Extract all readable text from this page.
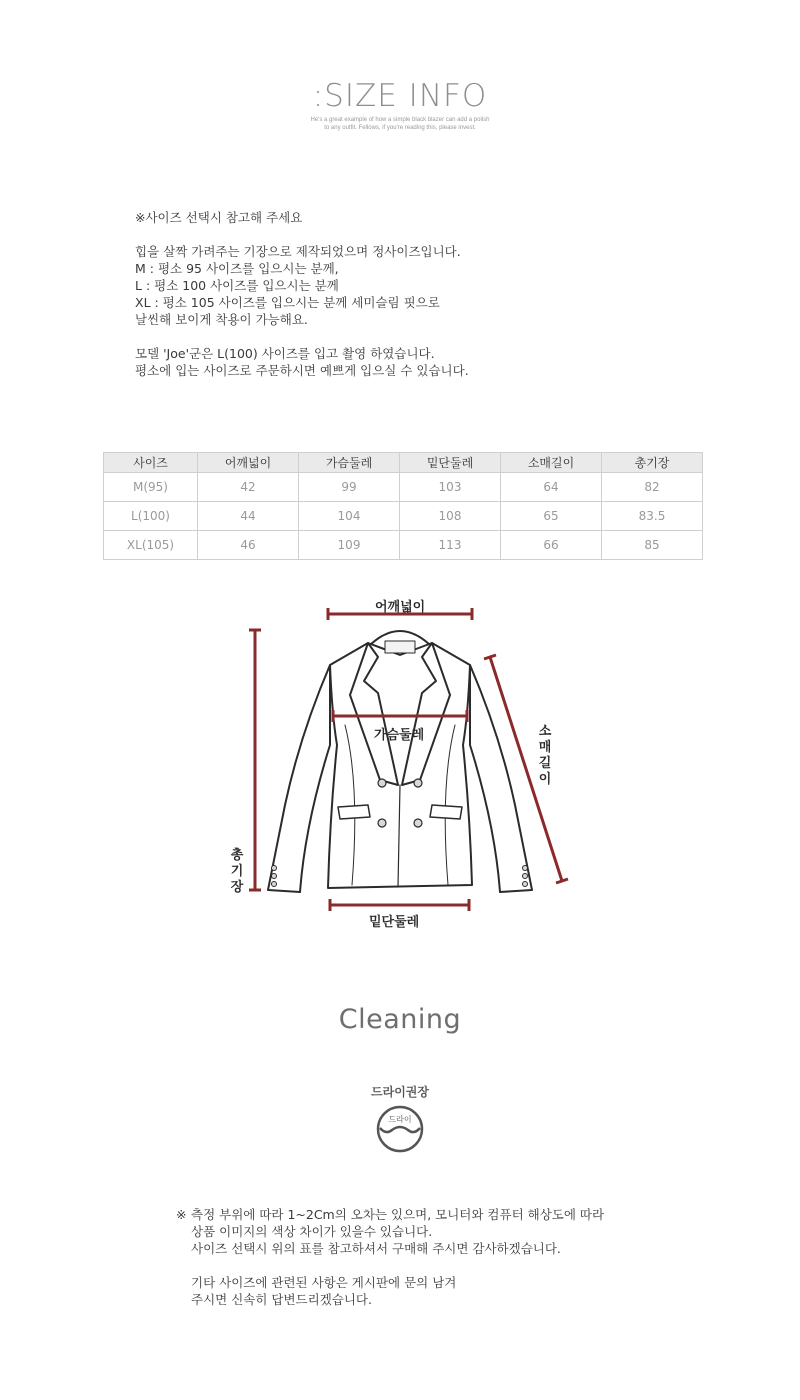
:SIZE INFO
He's a great example of how a simple black blazer can add a polish
to any outfit. Fellows, if you're reading this, please invest.
※사이즈 선택시 참고해 주세요
힙을 살짝 가려주는 기장으로 제작되었으며 정사이즈입니다.
M : 평소 95 사이즈를 입으시는 분께,
L : 평소 100 사이즈를 입으시는 분께
XL : 평소 105 사이즈를 입으시는 분께 세미슬림 핏으로
날씬해 보이게 착용이 가능해요.
모델 'Joe'군은 L(100) 사이즈를 입고 촬영 하였습니다.
평소에 입는 사이즈로 주문하시면 예쁘게 입으실 수 있습니다.
사이즈	어깨넓이	가슴둘레	밑단둘레	소매길이	총기장
M(95)	42	99	103	64	82
L(100)	44	104	108	65	83.5
XL(105)	46	109	113	66	85
어깨넓이
가슴둘레
밑단둘레
소매길이
총기장
Cleaning
드라이권장
드라이
※ 측정 부위에 따라 1~2Cm의 오차는 있으며, 모니터와 컴퓨터 해상도에 따라
상품 이미지의 색상 차이가 있을수 있습니다.
사이즈 선택시 위의 표를 참고하셔서 구매해 주시면 감사하겠습니다.
기타 사이즈에 관련된 사항은 게시판에 문의 남겨
주시면 신속히 답변드리겠습니다.
